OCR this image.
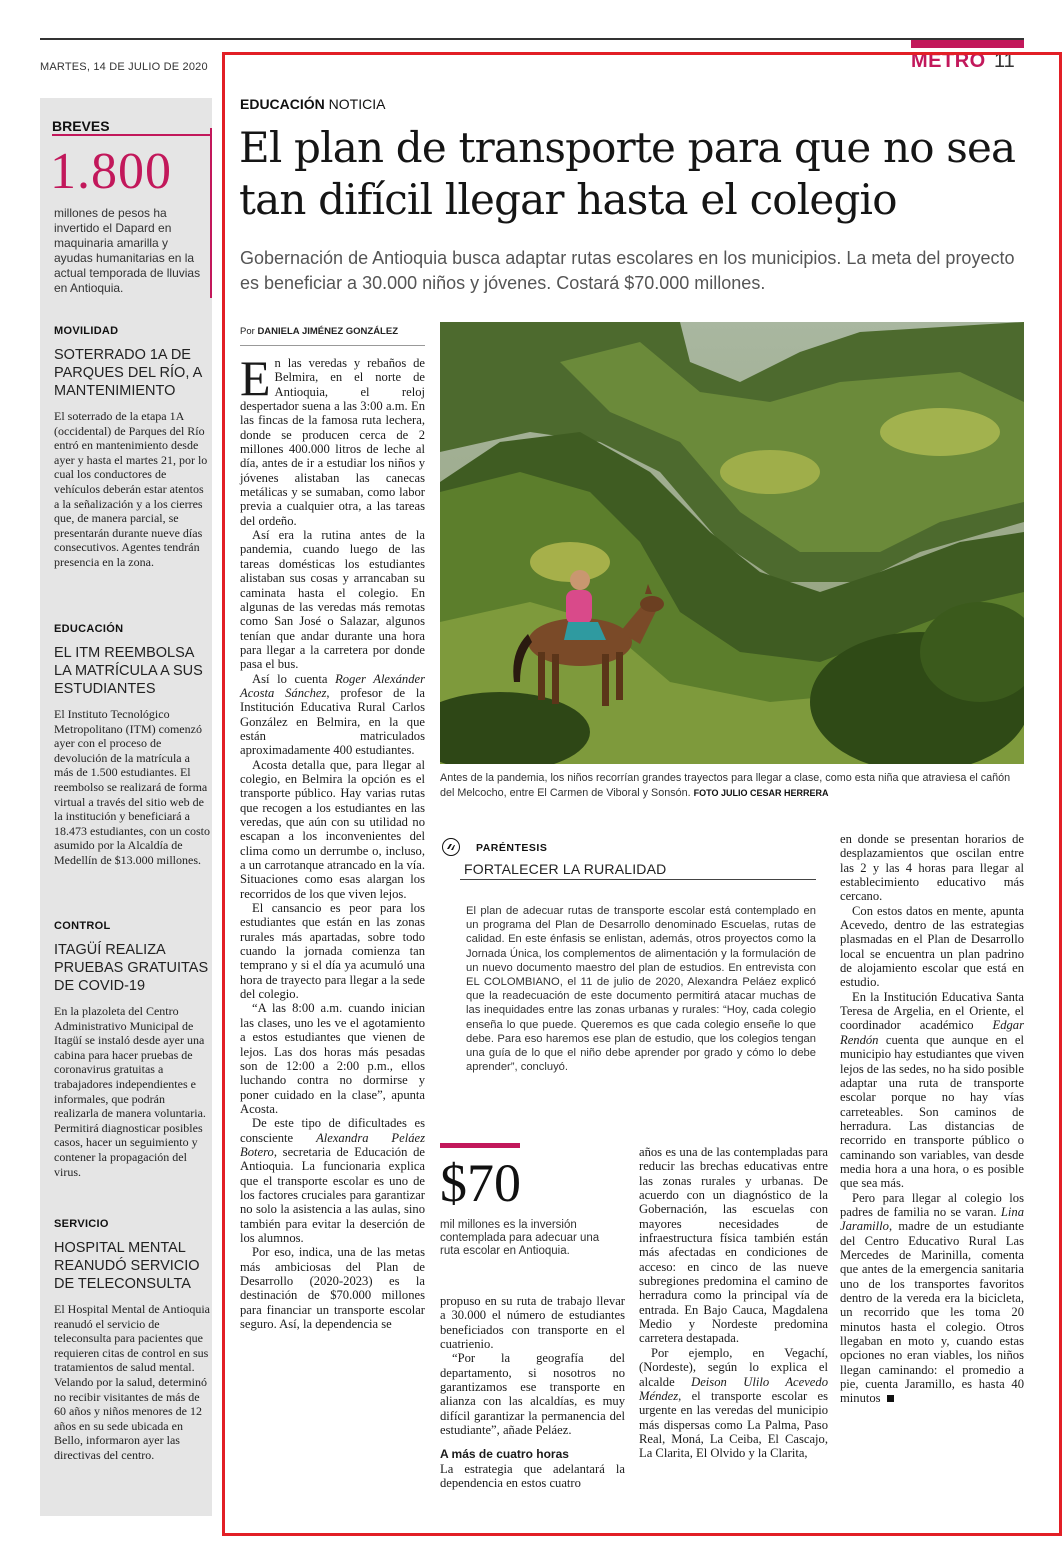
MARTES, 14 DE JULIO DE 2020	METRO 11
BREVES
1.800
millones de pesos ha invertido el Dapard en maquinaria amarilla y ayudas humanitarias en la actual temporada de lluvias en Antioquia.
MOVILIDAD
SOTERRADO 1A DE PARQUES DEL RÍO, A MANTENIMIENTO
El soterrado de la etapa 1A (occidental) de Parques del Río entró en mantenimiento desde ayer y hasta el martes 21, por lo cual los conductores de vehículos deberán estar atentos a la señalización y a los cierres que, de manera parcial, se presentarán durante nueve días consecutivos. Agentes tendrán presencia en la zona.
EDUCACIÓN
EL ITM REEMBOLSA LA MATRÍCULA A SUS ESTUDIANTES
El Instituto Tecnológico Metropolitano (ITM) comenzó ayer con el proceso de devolución de la matrícula a más de 1.500 estudiantes. El reembolso se realizará de forma virtual a través del sitio web de la institución y beneficiará a 18.473 estudiantes, con un costo asumido por la Alcaldía de Medellín de $13.000 millones.
CONTROL
ITAGÜÍ REALIZA PRUEBAS GRATUITAS DE COVID-19
En la plazoleta del Centro Administrativo Municipal de Itagüí se instaló desde ayer una cabina para hacer pruebas de coronavirus gratuitas a trabajadores independientes e informales, que podrán realizarla de manera voluntaria. Permitirá diagnosticar posibles casos, hacer un seguimiento y contener la propagación del virus.
SERVICIO
HOSPITAL MENTAL REANUDÓ SERVICIO DE TELECONSULTA
El Hospital Mental de Antioquia reanudó el servicio de teleconsulta para pacientes que requieren citas de control en sus tratamientos de salud mental. Velando por la salud, determinó no recibir visitantes de más de 60 años y niños menores de 12 años en su sede ubicada en Bello, informaron ayer las directivas del centro.
EDUCACIÓN NOTICIA
El plan de transporte para que no sea tan difícil llegar hasta el colegio
Gobernación de Antioquia busca adaptar rutas escolares en los municipios. La meta del proyecto es beneficiar a 30.000 niños y jóvenes. Costará $70.000 millones.
Por DANIELA JIMÉNEZ GONZÁLEZ

En las veredas y rebaños de Belmira, en el norte de Antioquia, el reloj despertador suena a las 3:00 a.m. En las fincas de la famosa ruta lechera, donde se producen cerca de 2 millones 400.000 litros de leche al día, antes de ir a estudiar los niños y jóvenes alistaban las canecas metálicas y se sumaban, como labor previa a cualquier otra, a las tareas del ordeño.

Así era la rutina antes de la pandemia, cuando luego de las tareas domésticas los estudiantes alistaban sus cosas y arrancaban su caminata hasta el colegio. En algunas de las veredas más remotas como San José o Salazar, algunos tenían que andar durante una hora para llegar a la carretera por donde pasa el bus.

Así lo cuenta Roger Alexánder Acosta Sánchez, profesor de la Institución Educativa Rural Carlos González en Belmira, en la que están matriculados aproximadamente 400 estudiantes.

Acosta detalla que, para llegar al colegio, en Belmira la opción es el transporte público. Hay varias rutas que recogen a los estudiantes en las veredas, que aún con su utilidad no escapan a los inconvenientes del clima como un derrumbe o, incluso, a un carrotanque atrancado en la vía. Situaciones como esas alargan los recorridos de los que viven lejos.

El cansancio es peor para los estudiantes que están en las zonas rurales más apartadas, sobre todo cuando la jornada comienza tan temprano y si el día ya acumuló una hora de trayecto para llegar a la sede del colegio.

“A las 8:00 a.m. cuando inician las clases, uno les ve el agotamiento a estos estudiantes que vienen de lejos. Las dos horas más pesadas son de 12:00 a 2:00 p.m., ellos luchando contra no dormirse y poner cuidado en la clase”, apunta Acosta.

De este tipo de dificultades es consciente Alexandra Peláez Botero, secretaria de Educación de Antioquia. La funcionaria explica que el transporte escolar es uno de los factores cruciales para garantizar no solo la asistencia a las aulas, sino también para evitar la deserción de los alumnos.

Por eso, indica, una de las metas más ambiciosas del Plan de Desarrollo (2020-2023) es la destinación de $70.000 millones para financiar un transporte escolar seguro. Así, la dependencia se

Antes de la pandemia, los niños recorrían grandes trayectos para llegar a clase, como esta niña que atraviesa el cañón del Melcocho, entre El Carmen de Viboral y Sonsón. FOTO JULIO CESAR HERRERA
PARÉNTESIS
FORTALECER LA RURALIDAD
El plan de adecuar rutas de transporte escolar está contemplado en un programa del Plan de Desarrollo denominado Escuelas, rutas de calidad. En este énfasis se enlistan, además, otros proyectos como la Jornada Única, los complementos de alimentación y la formulación de un nuevo documento maestro del plan de estudios. En entrevista con EL COLOMBIANO, el 11 de julio de 2020, Alexandra Peláez explicó que la readecuación de este documento permitirá atacar muchas de las inequidades entre las zonas urbanas y rurales: “Hoy, cada colegio enseña lo que puede. Queremos es que cada colegio enseñe lo que debe. Para eso haremos ese plan de estudio, que los colegios tengan una guía de lo que el niño debe aprender por grado y cómo lo debe aprender”, concluyó.
$70
mil millones es la inversión contemplada para adecuar una ruta escolar en Antioquia.

propuso en su ruta de trabajo llevar a 30.000 el número de estudiantes beneficiados con transporte en el cuatrienio.

“Por la geografía del departamento, si nosotros no garantizamos ese transporte en alianza con las alcaldías, es muy difícil garantizar la permanencia del estudiante”, añade Peláez.

A más de cuatro horas

La estrategia que adelantará la dependencia en estos cuatro

años es una de las contempladas para reducir las brechas educativas entre las zonas rurales y urbanas. De acuerdo con un diagnóstico de la Gobernación, las escuelas con mayores necesidades de infraestructura física también están más afectadas en condiciones de acceso: en cinco de las nueve subregiones predomina el camino de herradura como la principal vía de entrada. En Bajo Cauca, Magdalena Medio y Nordeste predomina carretera destapada.

Por ejemplo, en Vegachí, (Nordeste), según lo explica el alcalde Deison Ulilo Acevedo Méndez, el transporte escolar es urgente en las veredas del municipio más dispersas como La Palma, Paso Real, Moná, La Ceiba, El Cascajo, La Clarita, El Olvido y la Clarita,

en donde se presentan horarios de desplazamientos que oscilan entre las 2 y las 4 horas para llegar al establecimiento educativo más cercano.

Con estos datos en mente, apunta Acevedo, dentro de las estrategias plasmadas en el Plan de Desarrollo local se encuentra un plan padrino de alojamiento escolar que está en estudio.

En la Institución Educativa Santa Teresa de Argelia, en el Oriente, el coordinador académico Edgar Rendón cuenta que aunque en el municipio hay estudiantes que viven lejos de las sedes, no ha sido posible adaptar una ruta de transporte escolar porque no hay vías carreteables. Son caminos de herradura. Las distancias de recorrido en transporte público o caminando son variables, van desde media hora a una hora, o es posible que sea más.

Pero para llegar al colegio los padres de familia no se varan. Lina Jaramillo, madre de un estudiante del Centro Educativo Rural Las Mercedes de Marinilla, comenta que antes de la emergencia sanitaria uno de los transportes favoritos dentro de la vereda era la bicicleta, un recorrido que les toma 20 minutos hasta el colegio. Otros llegaban en moto y, cuando estas opciones no eran viables, los niños llegan caminando: el promedio a pie, cuenta Jaramillo, es hasta 40 minutos
